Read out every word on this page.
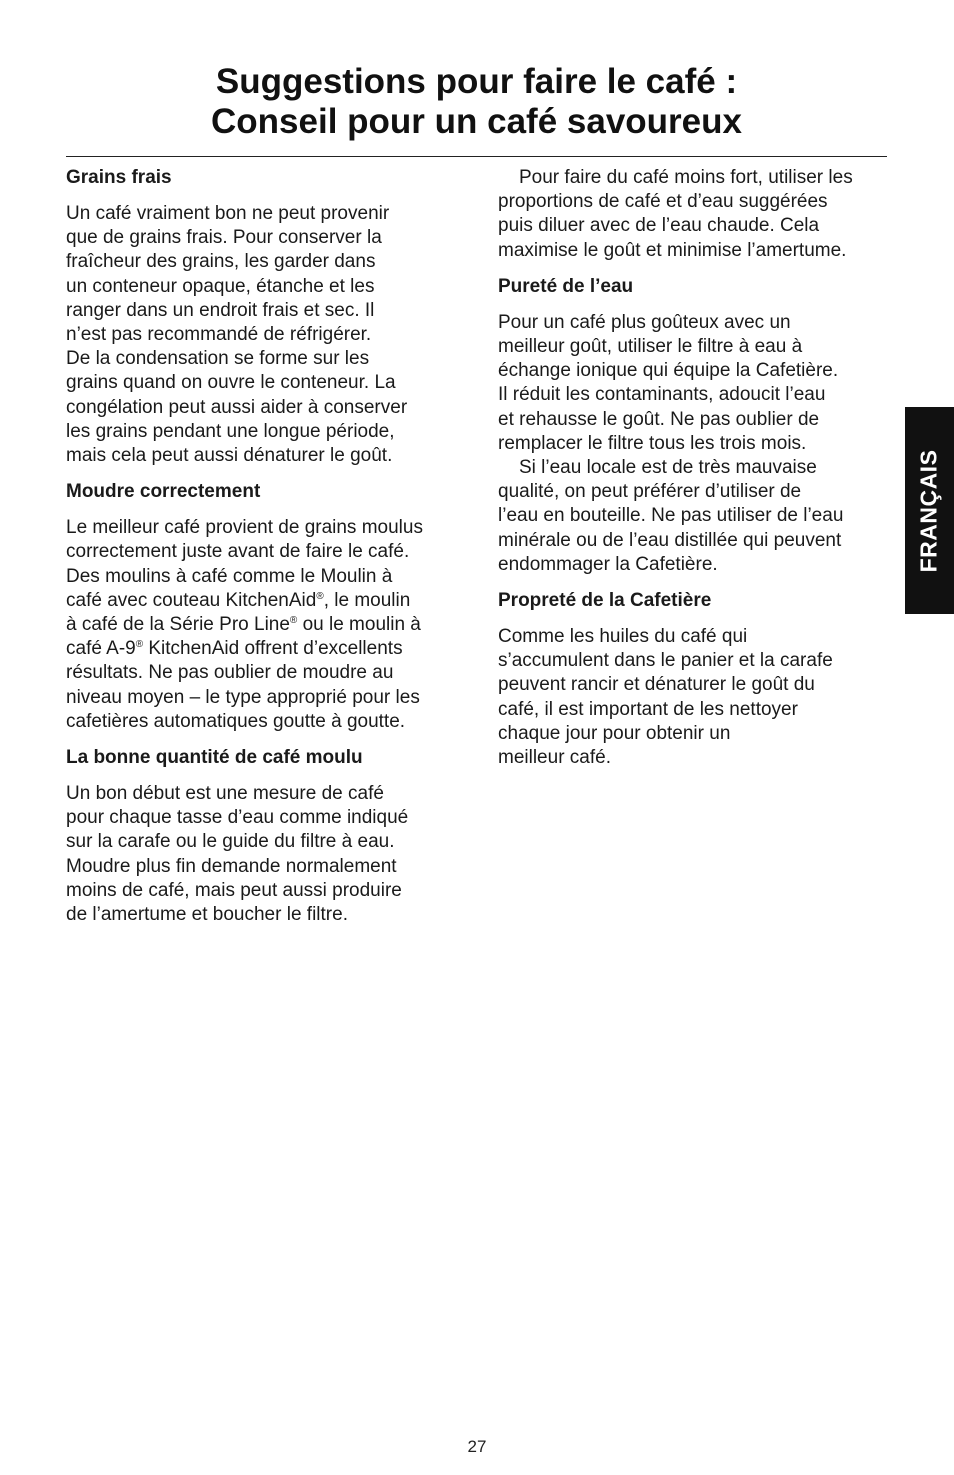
Suggestions pour faire le café :
Conseil pour un café savoureux
Grains frais

Un café vraiment bon ne peut provenir
que de grains frais. Pour conserver la
fraîcheur des grains, les garder dans
un conteneur opaque, étanche et les
ranger dans un endroit frais et sec. Il
n’est pas recommandé de réfrigérer.
De la condensation se forme sur les
grains quand on ouvre le conteneur. La
congélation peut aussi aider à conserver
les grains pendant une longue période,
mais cela peut aussi dénaturer le goût.

Moudre correctement

Le meilleur café provient de grains moulus
correctement juste avant de faire le café.
Des moulins à café comme le Moulin à
café avec couteau KitchenAid®, le moulin
à café de la Série Pro Line® ou le moulin à
café A-9® KitchenAid offrent d’excellents
résultats. Ne pas oublier de moudre au
niveau moyen – le type approprié pour les
cafetières automatiques goutte à goutte.

La bonne quantité de café moulu

Un bon début est une mesure de café
pour chaque tasse d’eau comme indiqué
sur la carafe ou le guide du filtre à eau.
Moudre plus fin demande normalement
moins de café, mais peut aussi produire
de l’amertume et boucher le filtre.

Pour faire du café moins fort, utiliser les
proportions de café et d’eau suggérées
puis diluer avec de l’eau chaude. Cela
maximise le goût et minimise l’amertume.

Pureté de l’eau

Pour un café plus goûteux avec un
meilleur goût, utiliser le filtre à eau à
échange ionique qui équipe la Cafetière.
Il réduit les contaminants, adoucit l’eau
et rehausse le goût. Ne pas oublier de
remplacer le filtre tous les trois mois.

Si l’eau locale est de très mauvaise
qualité, on peut préférer d’utiliser de
l’eau en bouteille. Ne pas utiliser de l’eau
minérale ou de l’eau distillée qui peuvent
endommager la Cafetière.

Propreté de la Cafetière

Comme les huiles du café qui
s’accumulent dans le panier et la carafe
peuvent rancir et dénaturer le goût du
café, il est important de les nettoyer
chaque jour pour obtenir un
meilleur café.

FRANÇAIS
27
